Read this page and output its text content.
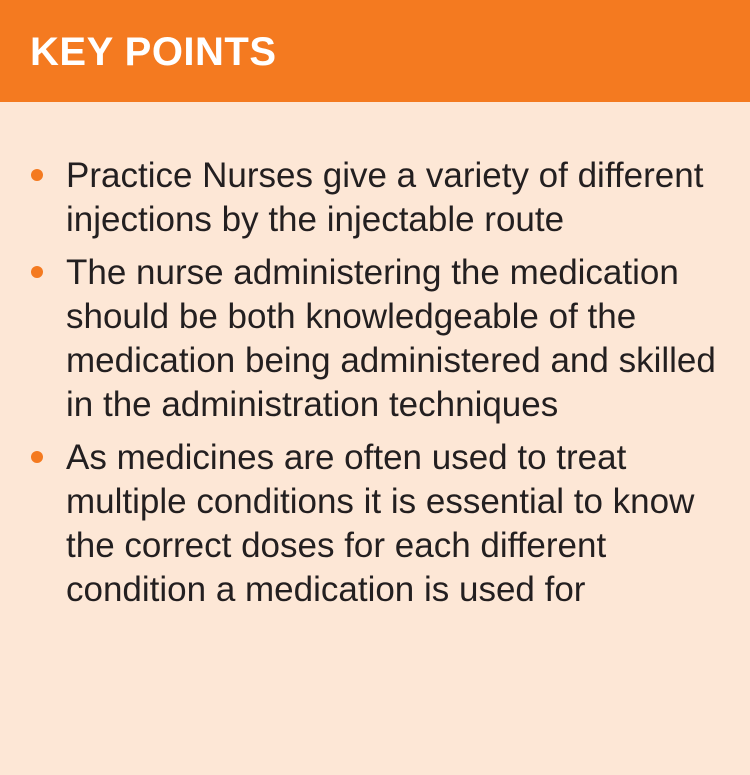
KEY POINTS
Practice Nurses give a variety of different injections by the injectable route
The nurse administering the medication should be both knowledgeable of the medication being administered and skilled in the administration techniques
As medicines are often used to treat multiple conditions it is essential to know the correct doses for each different condition a medication is used for
